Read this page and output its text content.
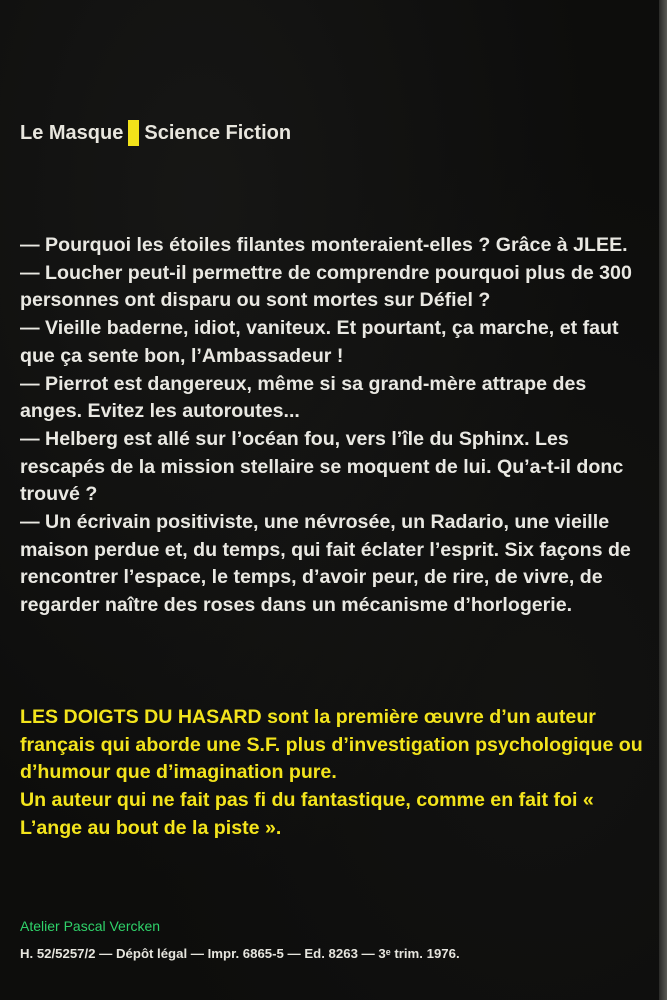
Le Masque Science Fiction

— Pourquoi les étoiles filantes monteraient-elles ? Grâce à JLEE.

— Loucher peut-il permettre de comprendre pourquoi plus de 300 personnes ont disparu ou sont mortes sur Défiel ?

— Vieille baderne, idiot, vaniteux. Et pourtant, ça marche, et faut que ça sente bon, l’Ambassadeur !

— Pierrot est dangereux, même si sa grand-mère attrape des anges. Evitez les autoroutes...

— Helberg est allé sur l’océan fou, vers l’île du Sphinx. Les rescapés de la mission stellaire se moquent de lui. Qu’a-t-il donc trouvé ?

— Un écrivain positiviste, une névrosée, un Radario, une vieille maison perdue et, du temps, qui fait éclater l’esprit. Six façons de rencontrer l’espace, le temps, d’avoir peur, de rire, de vivre, de regarder naître des roses dans un mécanisme d’horlogerie.

LES DOIGTS DU HASARD sont la première œuvre d’un auteur français qui aborde une S.F. plus d’investigation psychologique ou d’humour que d’imagination pure.

Un auteur qui ne fait pas fi du fantastique, comme en fait foi « L’ange au bout de la piste ».

Atelier Pascal Vercken
H. 52/5257/2 — Dépôt légal — Impr. 6865-5 — Ed. 8263 — 3ᵉ trim. 1976.
